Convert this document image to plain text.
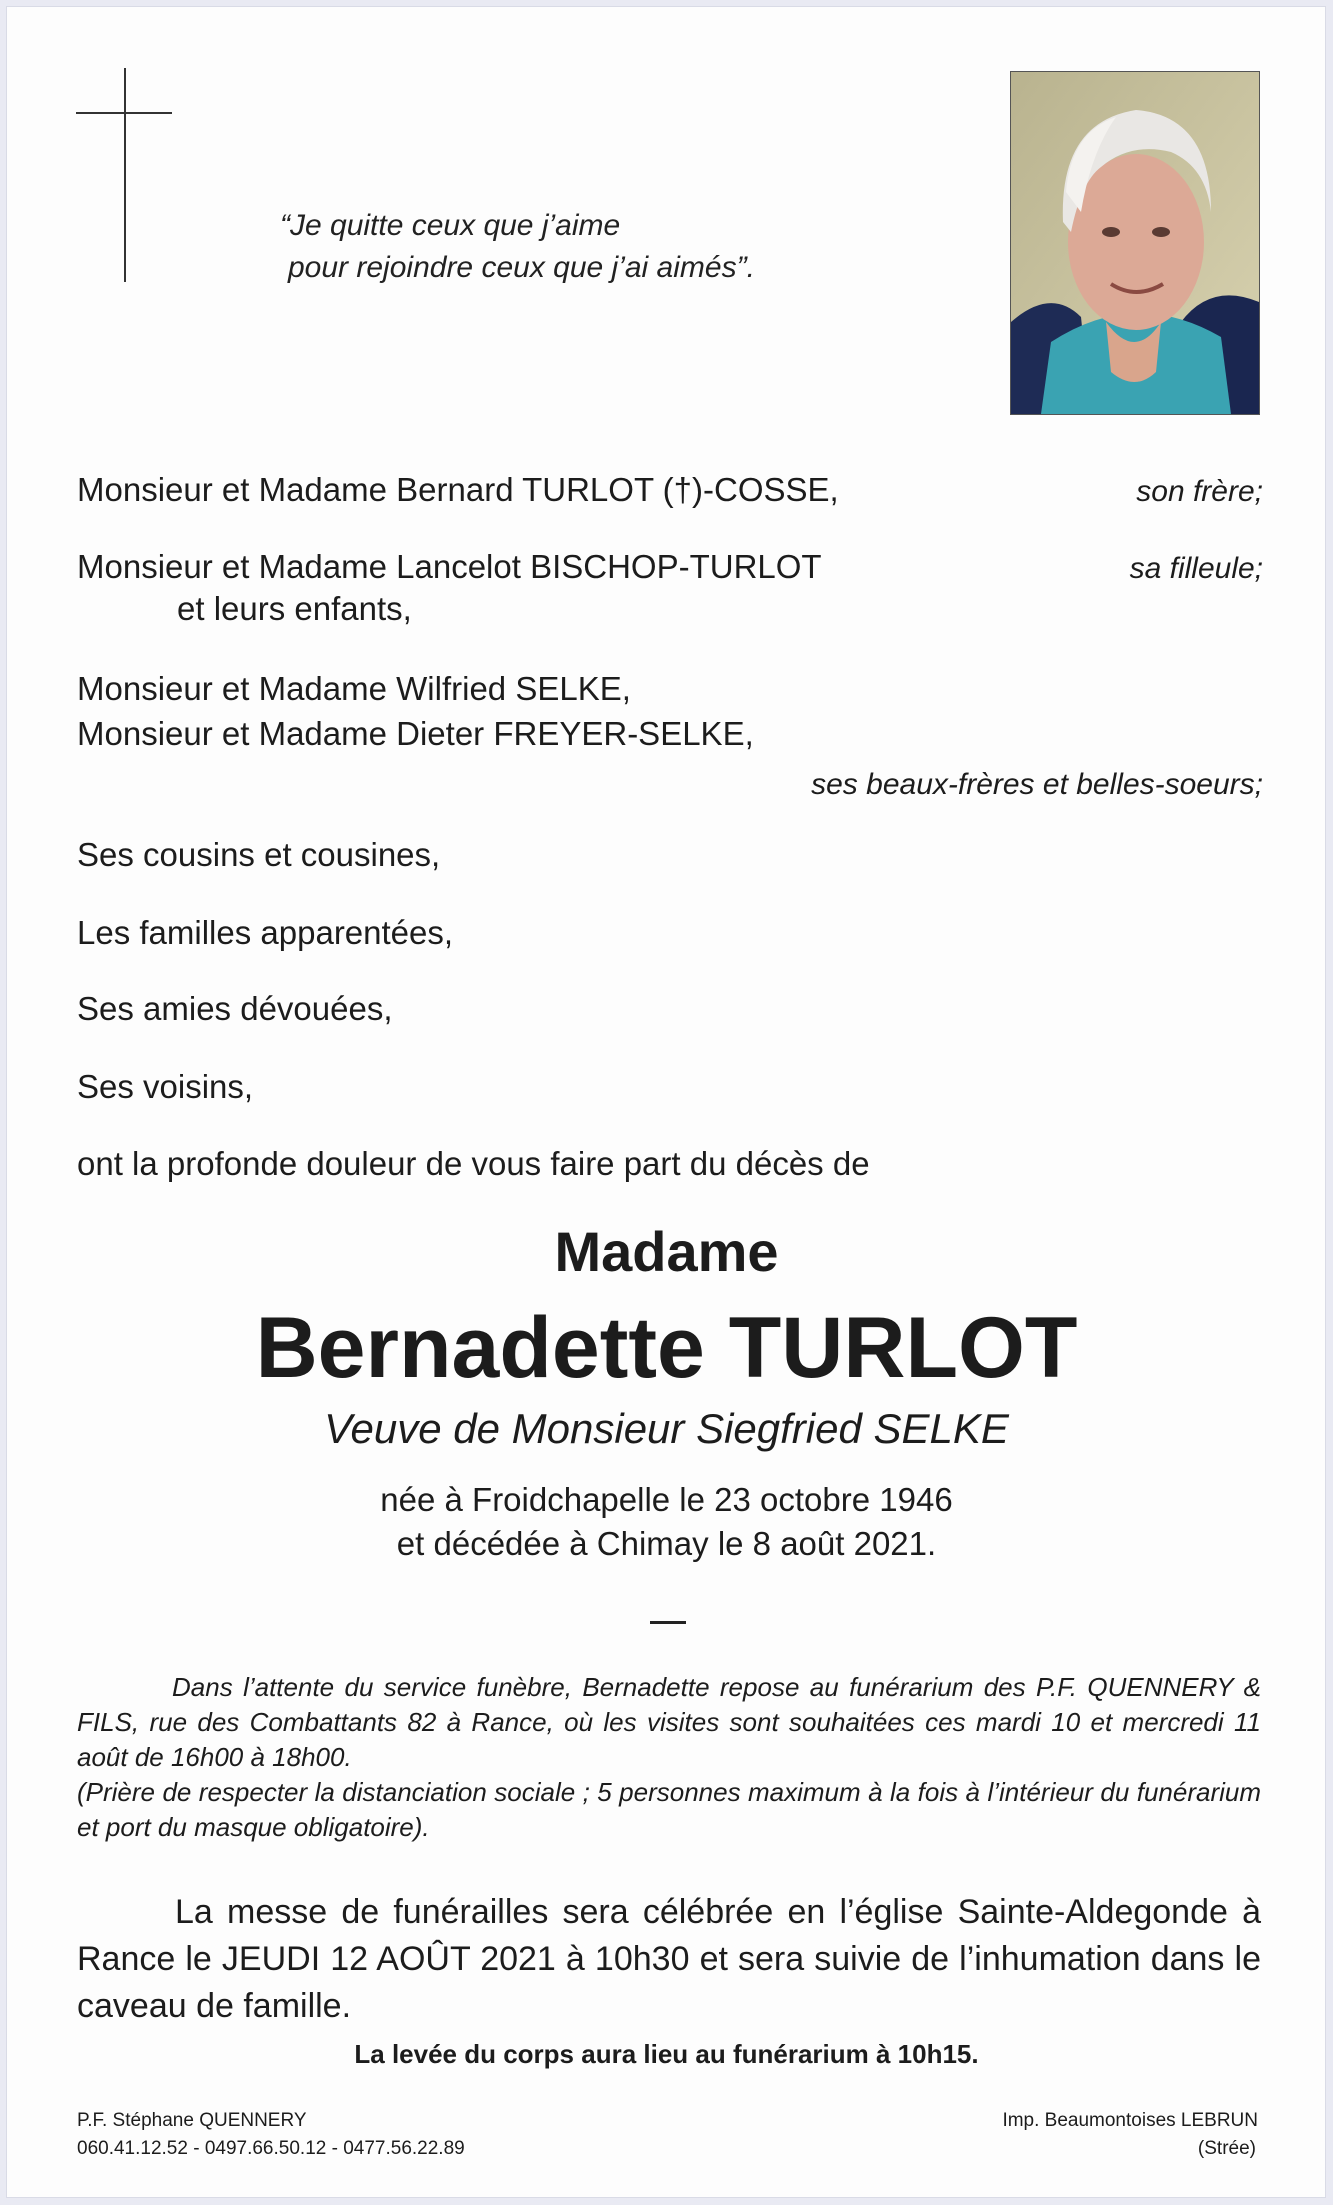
“Je quitte ceux que j’aime
pour rejoindre ceux que j’ai aimés”.
Monsieur et Madame Bernard TURLOT (†)-COSSE,	son frère;
Monsieur et Madame Lancelot BISCHOP-TURLOT	sa filleule;
et leurs enfants,
Monsieur et Madame Wilfried SELKE,
Monsieur et Madame Dieter FREYER-SELKE,
ses beaux-frères et belles-soeurs;
Ses cousins et cousines,
Les familles apparentées,
Ses amies dévouées,
Ses voisins,
ont la profonde douleur de vous faire part du décès de
Madame
Bernadette TURLOT
Veuve de Monsieur Siegfried SELKE
née à Froidchapelle le 23 octobre 1946
et décédée à Chimay le 8 août 2021.
Dans l’attente du service funèbre, Bernadette repose au funérarium des P.F. QUENNERY & FILS, rue des Combattants 82 à Rance, où les visites sont souhaitées ces mardi 10 et mercredi 11 août de 16h00 à 18h00.
(Prière de respecter la distanciation sociale ; 5 personnes maximum à la fois à l’intérieur du funérarium et port du masque obligatoire).
La messe de funérailles sera célébrée en l’église Sainte-Aldegonde à Rance le JEUDI 12 AOÛT 2021 à 10h30 et sera suivie de l’inhumation dans le caveau de famille.
La levée du corps aura lieu au funérarium à 10h15.
P.F. Stéphane QUENNERY
060.41.12.52 - 0497.66.50.12 - 0477.56.22.89
Imp. Beaumontoises LEBRUN
(Strée)
